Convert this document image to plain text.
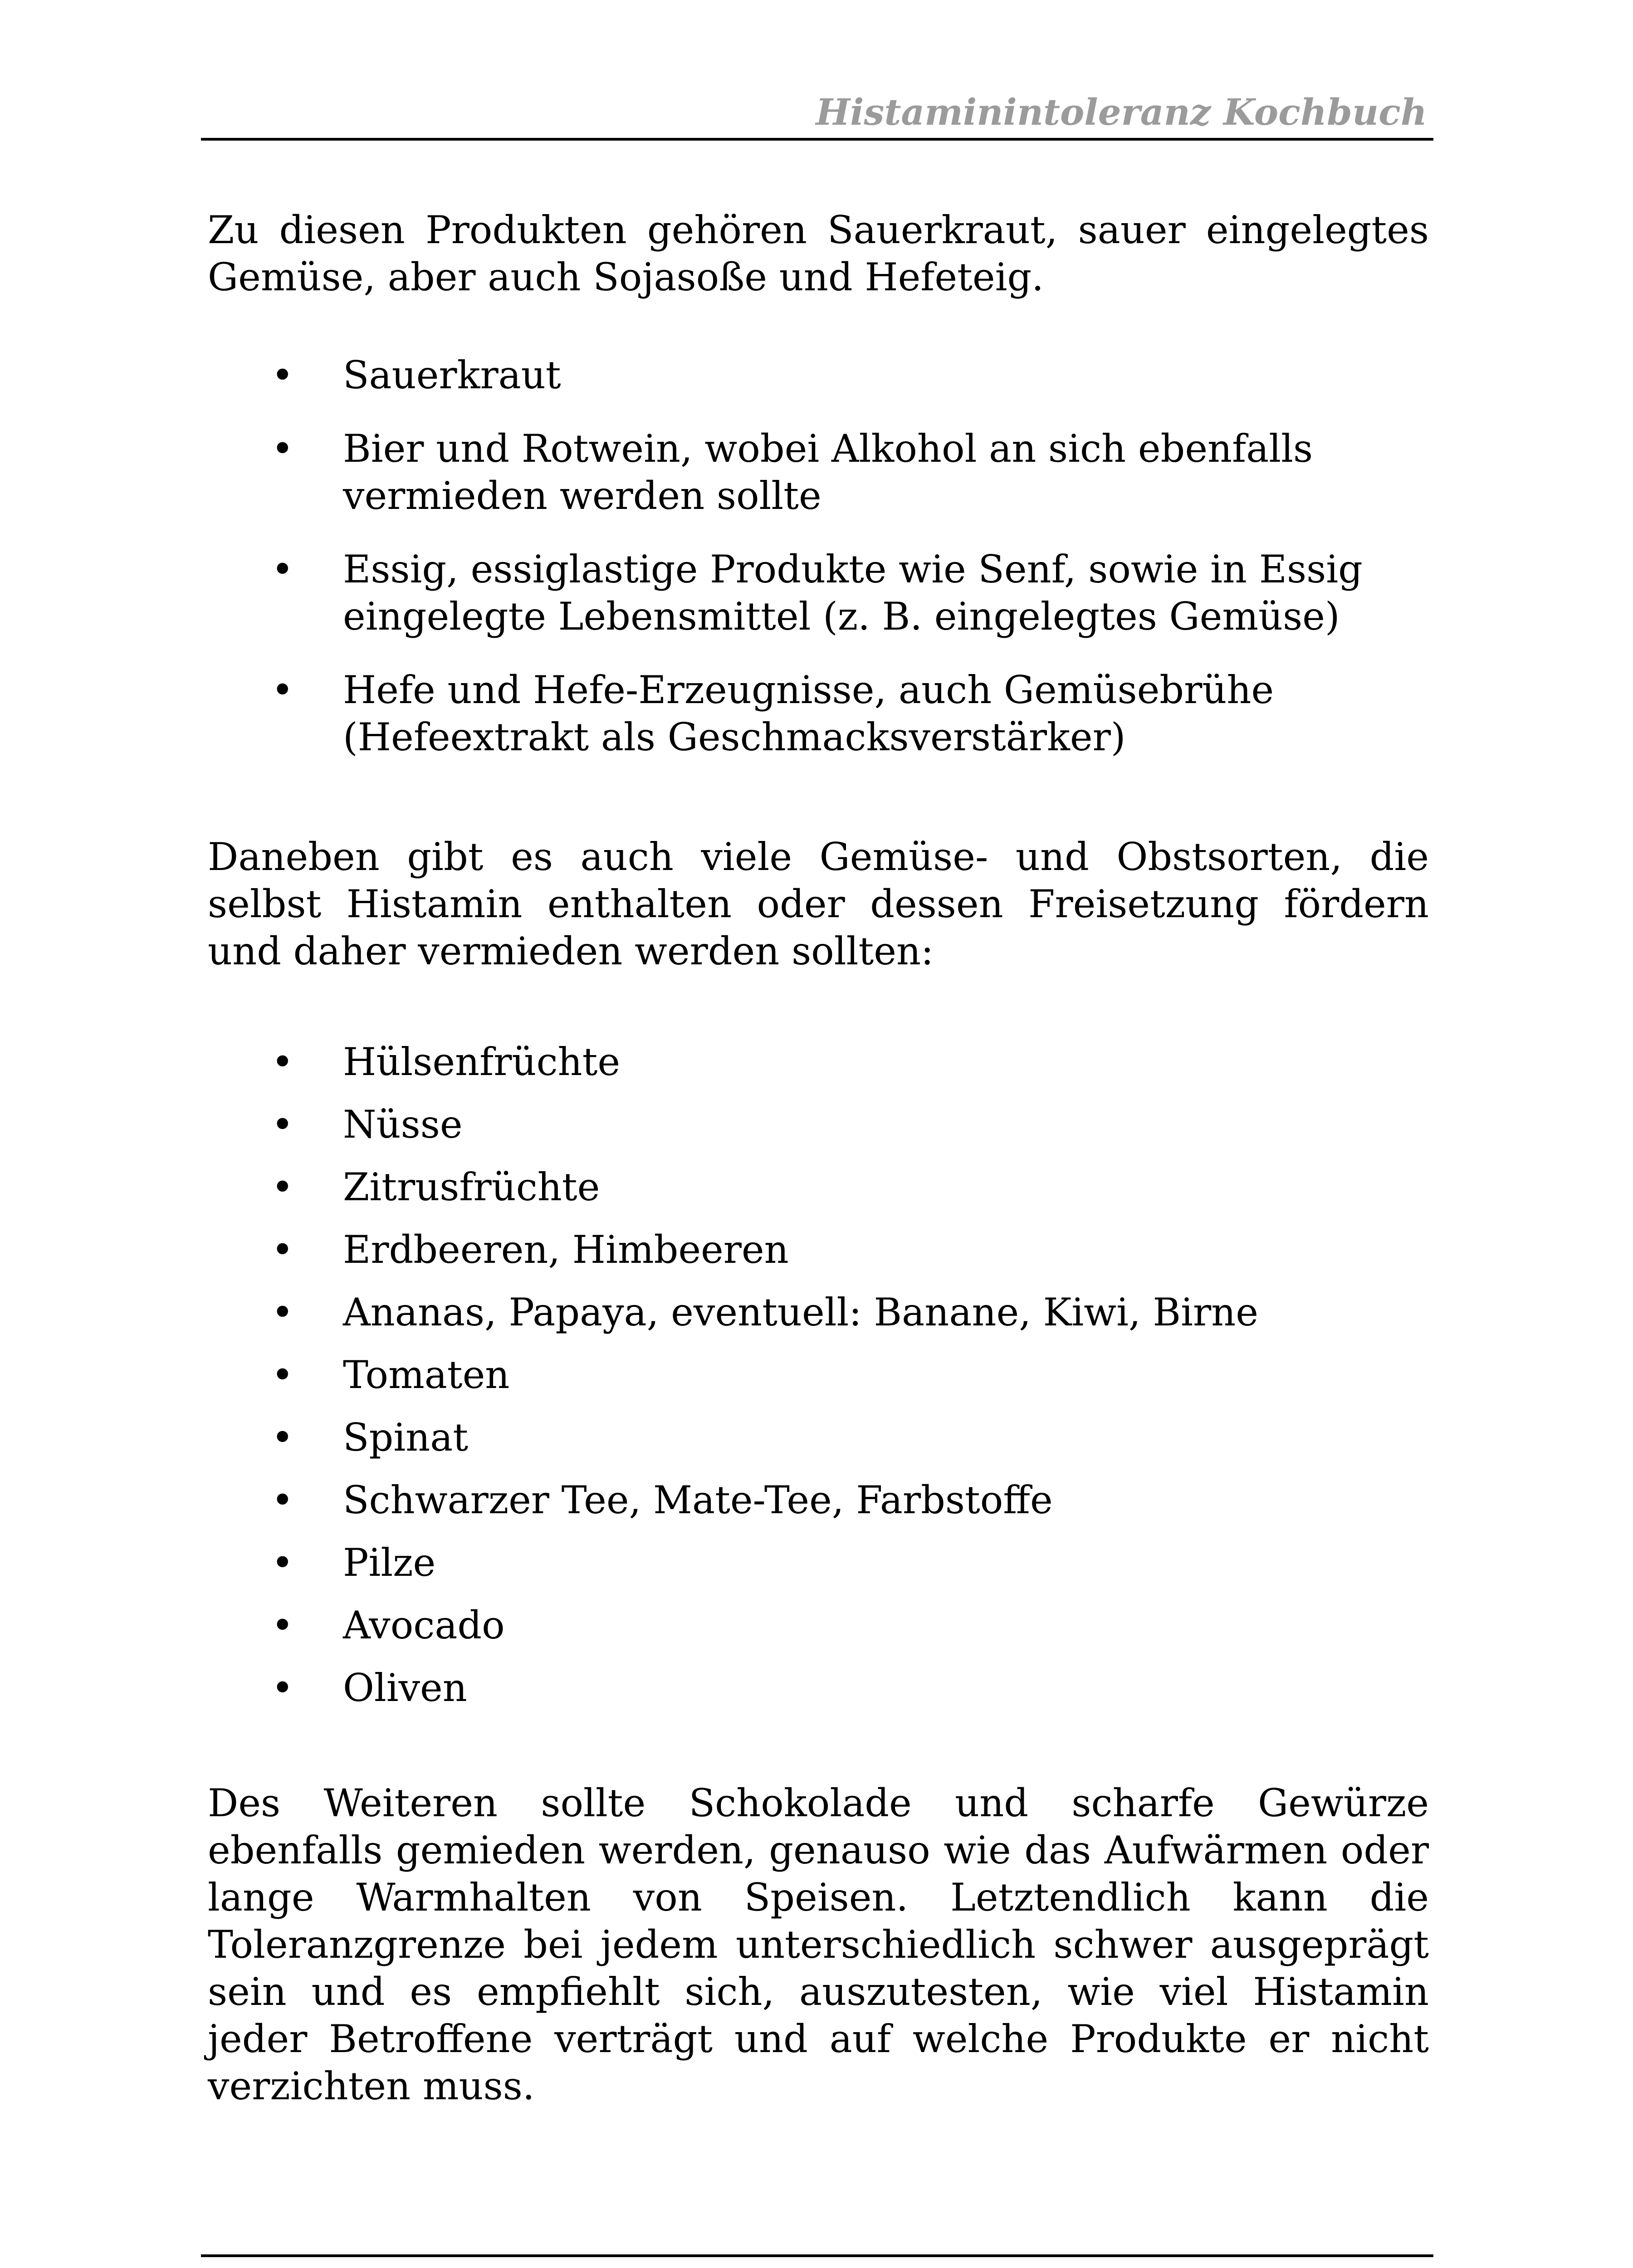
Histaminintoleranz Kochbuch

Zu diesen Produkten gehören Sauerkraut, sauer eingelegtes Gemüse, aber auch Sojasoße und Hefeteig.

• Sauerkraut
• Bier und Rotwein, wobei Alkohol an sich ebenfalls vermieden werden sollte
• Essig, essiglastige Produkte wie Senf, sowie in Essig eingelegte Lebensmittel (z. B. eingelegtes Gemüse)
• Hefe und Hefe-Erzeugnisse, auch Gemüsebrühe (Hefeextrakt als Geschmacksverstärker)

Daneben gibt es auch viele Gemüse- und Obstsorten, die selbst Histamin enthalten oder dessen Freisetzung fördern und daher vermieden werden sollten:

• Hülsenfrüchte
• Nüsse
• Zitrusfrüchte
• Erdbeeren, Himbeeren
• Ananas, Papaya, eventuell: Banane, Kiwi, Birne
• Tomaten
• Spinat
• Schwarzer Tee, Mate-Tee, Farbstoffe
• Pilze
• Avocado
• Oliven

Des Weiteren sollte Schokolade und scharfe Gewürze ebenfalls gemieden werden, genauso wie das Aufwärmen oder lange Warmhalten von Speisen. Letztendlich kann die Toleranzgrenze bei jedem unterschiedlich schwer ausgeprägt sein und es empfiehlt sich, auszutesten, wie viel Histamin jeder Betroffene verträgt und auf welche Produkte er nicht verzichten muss.
